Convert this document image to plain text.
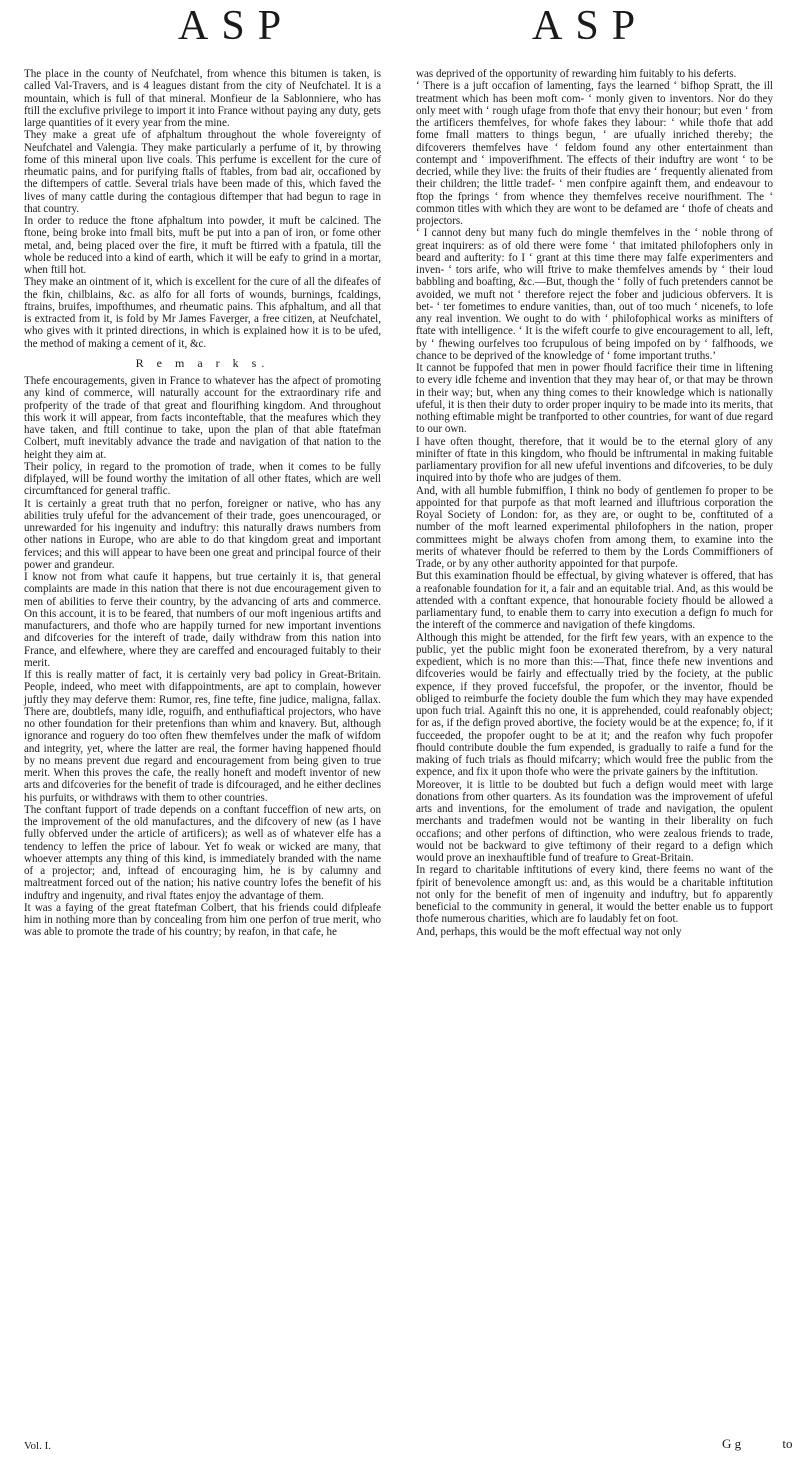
ASP	ASP

The place in the county of Neufchatel, from whence this bitumen is taken, is called Val-Travers, and is 4 leagues distant from the city of Neufchatel. It is a mountain, which is full of that mineral. Monfieur de la Sablonniere, who has ftill the exclufive privilege to import it into France without paying any duty, gets large quantities of it every year from the mine.

They make a great ufe of afphaltum throughout the whole fovereignty of Neufchatel and Valengia. They make particularly a perfume of it, by throwing fome of this mineral upon live coals. This perfume is excellent for the cure of rheumatic pains, and for purifying ftalls of ftables, from bad air, occafioned by the diftempers of cattle. Several trials have been made of this, which faved the lives of many cattle during the contagious diftemper that had begun to rage in that country.

In order to reduce the ftone afphaltum into powder, it muft be calcined. The ftone, being broke into fmall bits, muft be put into a pan of iron, or fome other metal, and, being placed over the fire, it muft be ftirred with a fpatula, till the whole be reduced into a kind of earth, which it will be eafy to grind in a mortar, when ftill hot.

They make an ointment of it, which is excellent for the cure of all the difeafes of the fkin, chilblains, &c. as alfo for all forts of wounds, burnings, fcaldings, ftrains, bruifes, impofthumes, and rheumatic pains. This afphaltum, and all that is extracted from it, is fold by Mr James Faverger, a free citizen, at Neufchatel, who gives with it printed directions, in which is explained how it is to be ufed, the method of making a cement of it, &c.

R e m a r k s.

Thefe encouragements, given in France to whatever has the afpect of promoting any kind of commerce, will naturally account for the extraordinary rife and profperity of the trade of that great and flourifhing kingdom. And throughout this work it will appear, from facts inconteftable, that the meafures which they have taken, and ftill continue to take, upon the plan of that able ftatefman Colbert, muft inevitably advance the trade and navigation of that nation to the height they aim at.

Their policy, in regard to the promotion of trade, when it comes to be fully difplayed, will be found worthy the imitation of all other ftates, which are well circumftanced for general traffic.

It is certainly a great truth that no perfon, foreigner or native, who has any abilities truly ufeful for the advancement of their trade, goes unencouraged, or unrewarded for his ingenuity and induftry: this naturally draws numbers from other nations in Europe, who are able to do that kingdom great and important fervices; and this will appear to have been one great and principal fource of their power and grandeur.

I know not from what caufe it happens, but true certainly it is, that general complaints are made in this nation that there is not due encouragement given to men of abilities to ferve their country, by the advancing of arts and commerce. On this account, it is to be feared, that numbers of our moft ingenious artifts and manufacturers, and thofe who are happily turned for new important inventions and difcoveries for the intereft of trade, daily withdraw from this nation into France, and elfewhere, where they are careffed and encouraged fuitably to their merit.

If this is really matter of fact, it is certainly very bad policy in Great-Britain. People, indeed, who meet with difappointments, are apt to complain, however juftly they may deferve them: Rumor, res, fine tefte, fine judice, maligna, fallax. There are, doubtlefs, many idle, roguifh, and enthufiaftical projectors, who have no other foundation for their pretenfions than whim and knavery. But, although ignorance and roguery do too often fhew themfelves under the mafk of wifdom and integrity, yet, where the latter are real, the former having happened fhould by no means prevent due regard and encouragement from being given to true merit. When this proves the cafe, the really honeft and modeft inventor of new arts and difcoveries for the benefit of trade is difcouraged, and he either declines his purfuits, or withdraws with them to other countries.

The conftant fupport of trade depends on a conftant fucceffion of new arts, on the improvement of the old manufactures, and the difcovery of new (as I have fully obferved under the article of artificers); as well as of whatever elfe has a tendency to leffen the price of labour. Yet fo weak or wicked are many, that whoever attempts any thing of this kind, is immediately branded with the name of a projector; and, inftead of encouraging him, he is by calumny and maltreatment forced out of the nation; his native country lofes the benefit of his induftry and ingenuity, and rival ftates enjoy the advantage of them.

It was a faying of the great ftatefman Colbert, that his friends could difpleafe him in nothing more than by concealing from him one perfon of true merit, who was able to promote the trade of his country; by reafon, in that cafe, he

was deprived of the opportunity of rewarding him fuitably to his deferts.

‘ There is a juft occafion of lamenting, fays the learned ‘ bifhop Spratt, the ill treatment which has been moft com- ‘ monly given to inventors. Nor do they only meet with ‘ rough ufage from thofe that envy their honour; but even ‘ from the artificers themfelves, for whofe fakes they labour: ‘ while thofe that add fome fmall matters to things begun, ‘ are ufually inriched thereby; the difcoverers themfelves have ‘ feldom found any other entertainment than contempt and ‘ impoverifhment. The effects of their induftry are wont ‘ to be decried, while they live: the fruits of their ftudies are ‘ frequently alienated from their children; the little tradef- ‘ men confpire againft them, and endeavour to ftop the fprings ‘ from whence they themfelves receive nourifhment. The ‘ common titles with which they are wont to be defamed are ‘ thofe of cheats and projectors.

‘ I cannot deny but many fuch do mingle themfelves in the ‘ noble throng of great inquirers: as of old there were fome ‘ that imitated philofophers only in beard and aufterity: fo I ‘ grant at this time there may falfe experimenters and inven- ‘ tors arife, who will ftrive to make themfelves amends by ‘ their loud babbling and boafting, &c.—But, though the ‘ folly of fuch pretenders cannot be avoided, we muft not ‘ therefore reject the fober and judicious obfervers. It is bet- ‘ ter fometimes to endure vanities, than, out of too much ‘ nicenefs, to lofe any real invention. We ought to do with ‘ philofophical works as minifters of ftate with intelligence. ‘ It is the wifeft courfe to give encouragement to all, left, by ‘ fhewing ourfelves too fcrupulous of being impofed on by ‘ falfhoods, we chance to be deprived of the knowledge of ‘ fome important truths.’

It cannot be fuppofed that men in power fhould facrifice their time in liftening to every idle fcheme and invention that they may hear of, or that may be thrown in their way; but, when any thing comes to their knowledge which is nationally ufeful, it is then their duty to order proper inquiry to be made into its merits, that nothing eftimable might be tranfported to other countries, for want of due regard to our own.

I have often thought, therefore, that it would be to the eternal glory of any minifter of ftate in this kingdom, who fhould be inftrumental in making fuitable parliamentary provifion for all new ufeful inventions and difcoveries, to be duly inquired into by thofe who are judges of them.

And, with all humble fubmiffion, I think no body of gentlemen fo proper to be appointed for that purpofe as that moft learned and illuftrious corporation the Royal Society of London: for, as they are, or ought to be, conftituted of a number of the moft learned experimental philofophers in the nation, proper committees might be always chofen from among them, to examine into the merits of whatever fhould be referred to them by the Lords Commiffioners of Trade, or by any other authority appointed for that purpofe.

But this examination fhould be effectual, by giving whatever is offered, that has a reafonable foundation for it, a fair and an equitable trial. And, as this would be attended with a conftant expence, that honourable fociety fhould be allowed a parliamentary fund, to enable them to carry into execution a defign fo much for the intereft of the commerce and navigation of thefe kingdoms.

Although this might be attended, for the firft few years, with an expence to the public, yet the public might foon be exonerated therefrom, by a very natural expedient, which is no more than this:—That, fince thefe new inventions and difcoveries would be fairly and effectually tried by the fociety, at the public expence, if they proved fuccefsful, the propofer, or the inventor, fhould be obliged to reimburfe the fociety double the fum which they may have expended upon fuch trial. Againft this no one, it is apprehended, could reafonably object; for as, if the defign proved abortive, the fociety would be at the expence; fo, if it fucceeded, the propofer ought to be at it; and the reafon why fuch propofer fhould contribute double the fum expended, is gradually to raife a fund for the making of fuch trials as fhould mifcarry; which would free the public from the expence, and fix it upon thofe who were the private gainers by the inftitution.

Moreover, it is little to be doubted but fuch a defign would meet with large donations from other quarters. As its foundation was the improvement of ufeful arts and inventions, for the emolument of trade and navigation, the opulent merchants and tradefmen would not be wanting in their liberality on fuch occafions; and other perfons of diftinction, who were zealous friends to trade, would not be backward to give teftimony of their regard to a defign which would prove an inexhauftible fund of treafure to Great-Britain.

In regard to charitable inftitutions of every kind, there feems no want of the fpirit of benevolence amongft us: and, as this would be a charitable inftitution not only for the benefit of men of ingenuity and induftry, but fo apparently beneficial to the community in general, it would the better enable us to fupport thofe numerous charities, which are fo laudably fet on foot.

And, perhaps, this would be the moft effectual way not only

Vol. I.	G g	to
